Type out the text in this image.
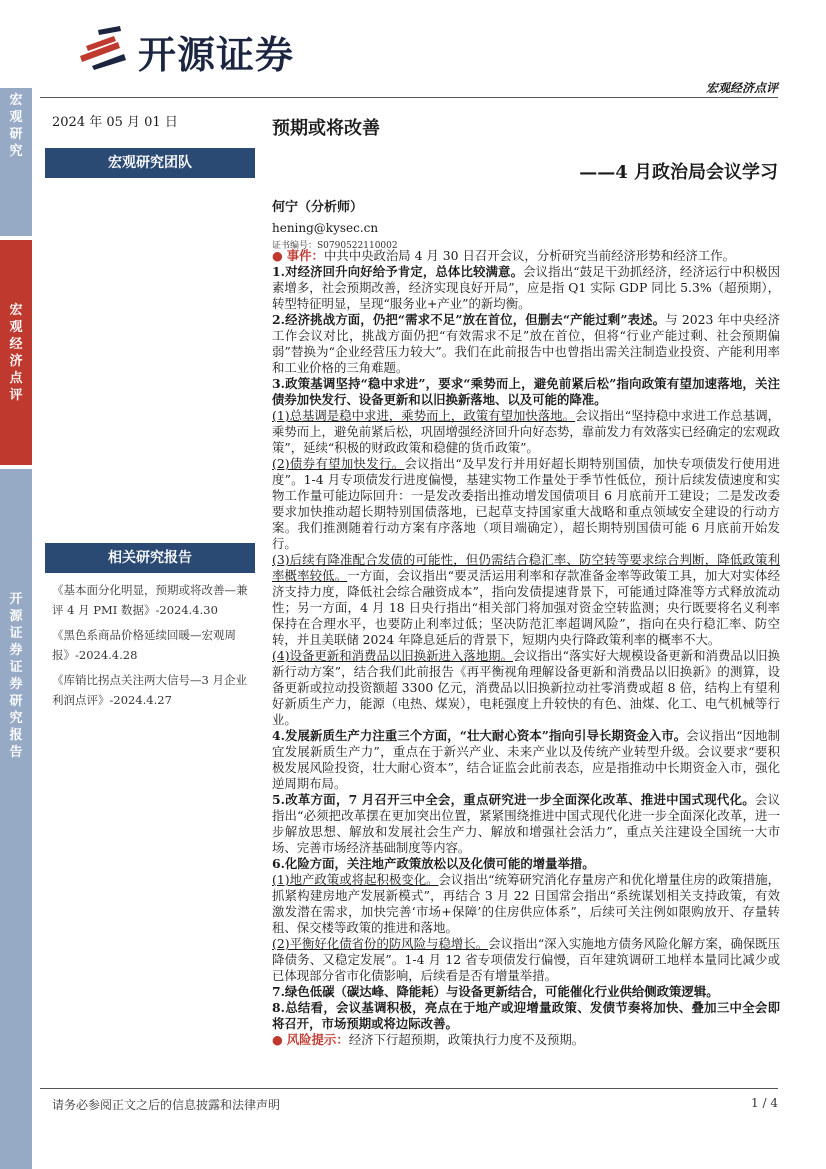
开源证券
宏观经济点评
宏观研究
宏观经济点评
开源证券 证券研究报告
2024 年 05 月 01 日
宏观研究团队
相关研究报告
《基本面分化明显，预期或将改善—兼评 4 月 PMI 数据》-2024.4.30
《黑色系商品价格延续回暖—宏观周报》-2024.4.28
《库销比拐点关注两大信号—3 月企业利润点评》-2024.4.27
预期或将改善
——4 月政治局会议学习
何宁（分析师）
hening@kysec.cn
证书编号：S0790522110002

● 事件：中共中央政治局 4 月 30 日召开会议，分析研究当前经济形势和经济工作。

1.对经济回升向好给予肯定，总体比较满意。会议指出“鼓足干劲抓经济，经济运行中积极因素增多，社会预期改善，经济实现良好开局”，应是指 Q1 实际 GDP 同比 5.3%（超预期），转型特征明显，呈现“服务业+产业”的新均衡。

2.经济挑战方面，仍把“需求不足”放在首位，但删去“产能过剩”表述。与 2023 年中央经济工作会议对比，挑战方面仍把“有效需求不足”放在首位，但将“行业产能过剩、社会预期偏弱”替换为“企业经营压力较大”。我们在此前报告中也曾指出需关注制造业投资、产能利用率和工业价格的三角难题。

3.政策基调坚持“稳中求进”，要求“乘势而上，避免前紧后松”指向政策有望加速落地，关注债券加快发行、设备更新和以旧换新落地、以及可能的降准。

(1)总基调是稳中求进，乘势而上，政策有望加快落地。会议指出“坚持稳中求进工作总基调，乘势而上，避免前紧后松，巩固增强经济回升向好态势，靠前发力有效落实已经确定的宏观政策”，延续“积极的财政政策和稳健的货币政策”。

(2)债券有望加快发行。会议指出“及早发行并用好超长期特别国债，加快专项债发行使用进度”。1-4 月专项债发行进度偏慢，基建实物工作量处于季节性低位，预计后续发债速度和实物工作量可能边际回升：一是发改委指出推动增发国债项目 6 月底前开工建设；二是发改委要求加快推动超长期特别国债落地，已起草支持国家重大战略和重点领域安全建设的行动方案。我们推测随着行动方案有序落地（项目端确定），超长期特别国债可能 6 月底前开始发行。

(3)后续有降准配合发债的可能性，但仍需结合稳汇率、防空转等要求综合判断，降低政策利率概率较低。一方面，会议指出“要灵活运用利率和存款准备金率等政策工具，加大对实体经济支持力度，降低社会综合融资成本”，指向发债提速背景下，可能通过降准等方式释放流动性；另一方面，4 月 18 日央行指出“相关部门将加强对资金空转监测；央行既要将名义利率保持在合理水平，也要防止利率过低；坚决防范汇率超调风险”，指向在央行稳汇率、防空转，并且美联储 2024 年降息延后的背景下，短期内央行降政策利率的概率不大。

(4)设备更新和消费品以旧换新进入落地期。会议指出“落实好大规模设备更新和消费品以旧换新行动方案”，结合我们此前报告《再平衡视角理解设备更新和消费品以旧换新》的测算，设备更新或拉动投资额超 3300 亿元，消费品以旧换新拉动社零消费或超 8 倍，结构上有望利好新质生产力，能源（电热、煤炭），电耗强度上升较快的有色、油煤、化工、电气机械等行业。

4.发展新质生产力注重三个方面，“壮大耐心资本”指向引导长期资金入市。会议指出“因地制宜发展新质生产力”，重点在于新兴产业、未来产业以及传统产业转型升级。会议要求“要积极发展风险投资，壮大耐心资本”，结合证监会此前表态，应是指推动中长期资金入市，强化逆周期布局。

5.改革方面，7 月召开三中全会，重点研究进一步全面深化改革、推进中国式现代化。会议指出“必须把改革摆在更加突出位置，紧紧围绕推进中国式现代化进一步全面深化改革，进一步解放思想、解放和发展社会生产力、解放和增强社会活力”，重点关注建设全国统一大市场、完善市场经济基础制度等内容。

6.化险方面，关注地产政策放松以及化债可能的增量举措。

(1)地产政策或将起积极变化。会议指出“统筹研究消化存量房产和优化增量住房的政策措施，抓紧构建房地产发展新模式”，再结合 3 月 22 日国常会指出“系统谋划相关支持政策，有效激发潜在需求，加快完善‘市场+保障’的住房供应体系”，后续可关注例如限购放开、存量转租、保交楼等政策的推进和落地。

(2)平衡好化债省份的防风险与稳增长。会议指出“深入实施地方债务风险化解方案，确保既压降债务、又稳定发展”。1-4 月 12 省专项债发行偏慢，百年建筑调研工地样本量同比减少或已体现部分省市化债影响，后续看是否有增量举措。

7.绿色低碳（碳达峰、降能耗）与设备更新结合，可能催化行业供给侧政策逻辑。

8.总结看，会议基调积极，亮点在于地产或迎增量政策、发债节奏将加快、叠加三中全会即将召开，市场预期或将边际改善。

● 风险提示：经济下行超预期，政策执行力度不及预期。

请务必参阅正文之后的信息披露和法律声明	1 / 4
